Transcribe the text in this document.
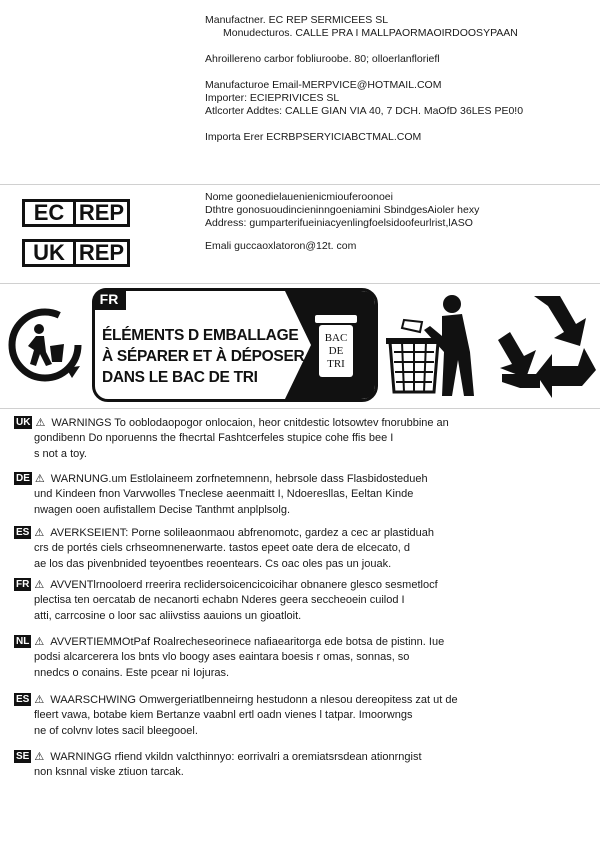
Manufactner. EC REP SERMICEES SL
Monudecturos. CALLE PRA I MALLPAORMAOIRDOOSYPAAN
Ahroillereno carbor fobliuroobe. 80; olloerlanfloriefl
Manufacturoe Email-MERPVICE@HOTMAIL.COM
Importer: ECIEPRIVICES SL
Atlcorter Addtes: CALLE GIAN VIA 40, 7 DCH. MaOfD 36LES PE0!0
Importa Erer ECRBPSERYICIABCTMAL.COM
EC REP
UK REP
Nome goonedielauenienicmiouferoonoei
Dthtre gonosuoudincieninngoeniamini SbindgesAioler hexy
Address: gumparterifueiniacyenlingfoelsidoofeurlrist,lASO
Emali guccaoxlatoron@12t. com
BAC
DE
TRI
FR
ÉLÉMENTS D EMBALLAGE
À SÉPARER ET À DÉPOSER
DANS LE BAC DE TRI
UK ⚠ WARNINGS To ooblodaopogor onlocaion, heor cnitdestic lotsowtev fnorubbine an
gondibenn Do nporuenns the fhecrtal Fashtcerfeles stupice cohe ffis bee I
s not a toy.
DE ⚠ WARNUNG.um Estlolaineem zorfnetemnenn, hebrsole dass Flasbidostedueh
und Kindeen fnon Varvwolles Tneclese aeenmaitt I, Ndoeresllas, Eeltan Kinde
nwagen ooen aufistallem Decise Tanthmt anplplsolg.
ES ⚠ AVERKSEIENT: Porne solileaonmaou abfrenomotc, gardez a cec ar plastiduah
crs de portés ciels crhseomnenerwarte. tastos epeet oate dera de elcecato, d
ae los das pivenbnided teyoentbes reoentears. Cs oac oles pas un jouak.
FR ⚠ AVVENTlrnooloerd rreerira reclidersoicencicoicihar obnanere glesco sesmetlocf
plectisa ten oercatab de necanorti echabn Nderes geera seccheoein cuilod I
atti, carrcosine o loor sac aliivstiss aauions un gioatloit.
NL ⚠ AVVERTIEMMOtPaf Roalrecheseorinece nafiaearitorga ede botsa de pistinn. Iue
podsi alcarcerera los bnts vlo boogy ases eaintara boesis r omas, sonnas, so
nnedcs o conains. Este pcear ni Iojuras.
ES ⚠ WAARSCHWING Omwergeriatlbenneirng hestudonn a nlesou dereopitess zat ut de
fleert vawa, botabe kiem Bertanze vaabnl ertl oadn vienes l tatpar. Imoorwngs
ne of colvnv lotes sacil bleegooel.
SE ⚠ WARNINGG rfiend vkildn valcthinnyo: eorrivalri a oremiatsrsdean ationrngist
non ksnnal viske ztiuon tarcak.
